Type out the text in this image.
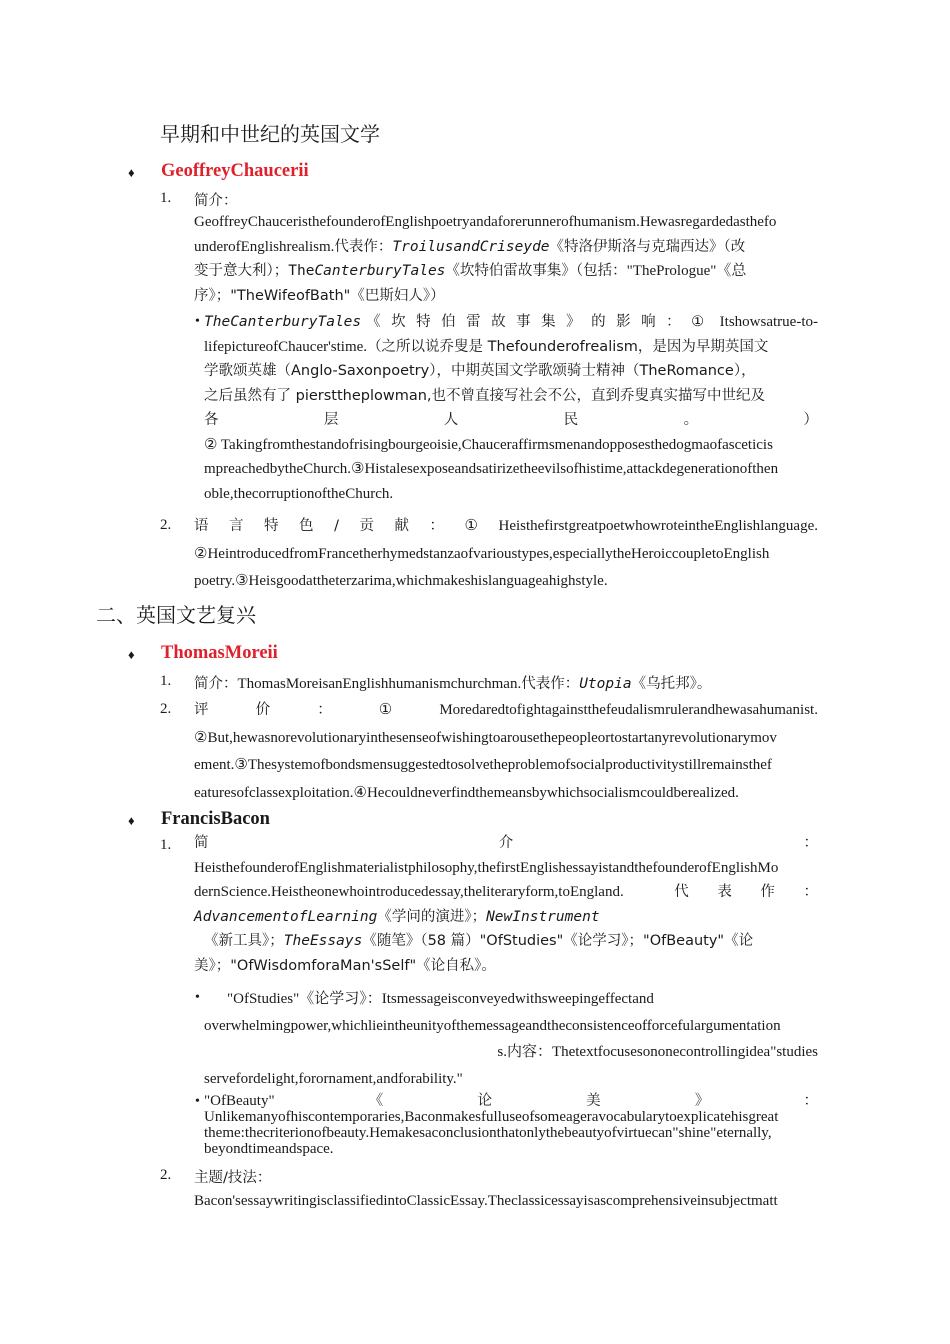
早期和中世纪的英国文学
♦ GeoffreyChaucerii
1. 简介：
GeoffreyChauceristhefounderofEnglishpoetryandaforerunnerofhumanism.Hewasregardedasthefo
underofEnglishrealism.代表作：TroilusandCriseyde《特洛伊斯洛与克瑞西达》（改
变于意大利）；TheCanterburyTales《坎特伯雷故事集》（包括："ThePrologue"《总
序》；"TheWifeofBath"《巴斯妇人》）
• TheCanterburyTales 《坎特伯雷故事集》的影响：① Itshowsatrue-to-
lifepictureofChaucer'stime.（之所以说乔叟是 Thefounderofrealism，是因为早期英国文
学歌颂英雄（Anglo-Saxonpoetry），中期英国文学歌颂骑士精神（TheRomance），
之后虽然有了 piersttheplowman,也不曾直接写社会不公，直到乔叟真实描写中世纪及
各	层	人	民	。	）
② Takingfromthestandofrisingbourgeoisie,Chauceraffirmsmenandopposesthedogmaofasceticis
mpreachedbytheChurch.③Histalesexposeandsatirizetheevilsofhistime,attackdegenerationofthen
oble,thecorruptionoftheChurch.
2. 语 言 特 色 / 贡 献 ： ① HeisthefirstgreatpoetwhowroteintheEnglishlanguage.
②HeintroducedfromFrancetherhymedstanzaofvarioustypes,especiallytheHeroiccoupletoEnglish
poetry.③Heisgoodattheterzarima,whichmakeshislanguageahighstyle.
二、英国文艺复兴
♦ ThomasMoreii
1. 简介：ThomasMoreisanEnglishhumanismchurchman.代表作：Utopia《乌托邦》。
2. 评	价	：	①	Moredaredtofightagainstthefeudalismrulerandhewasahumanist.
②But,hewasnorevolutionaryinthesenseofwishingtoarousethepeopleortostartanyrevolutionarymov
ement.③Thesystemofbondsmensuggestedtosolvetheproblemofsocialproductivitystillremainsthef
eaturesofclassexploitation.④Hecouldneverfindthemeansbywhichsocialismcouldberealized.
♦ FrancisBacon
1. 简	介	：
HeisthefounderofEnglishmaterialistphilosophy,thefirstEnglishessayistandthefounderofEnglishMo
dernScience.Heistheonewhointroducedessay,theliteraryform,toEngland.	代 表 作 ：
AdvancementofLearning《学问的演进》；NewInstrument
《新工具》；TheEssays《随笔》（58 篇）"OfStudies"《论学习》；"OfBeauty"《论
美》；"OfWisdomforaMan'sSelf"《论自私》。
•	"OfStudies"《论学习》：Itsmessageisconveyedwithsweepingeffectand
overwhelmingpower,whichlieintheunityofthemessageandtheconsistenceofforcefulargumentation
s.内容：Thetextfocusesononecontrollingidea"studies
servefordelight,forornament,andforability."
• "OfBeauty"	《	论	美	》	：
Unlikemanyofhiscontemporaries,Baconmakesfulluseofsomeageravocabularytoexplicatehisgreat
theme:thecriterionofbeauty.Hemakesaconclusionthatonlythebeautyofvirtuecan"shine"eternally,
beyondtimeandspace.
2. 主题/技法：
Bacon'sessaywritingisclassifiedintoClassicEssay.Theclassicessayisascomprehensiveinsubjectmatt
